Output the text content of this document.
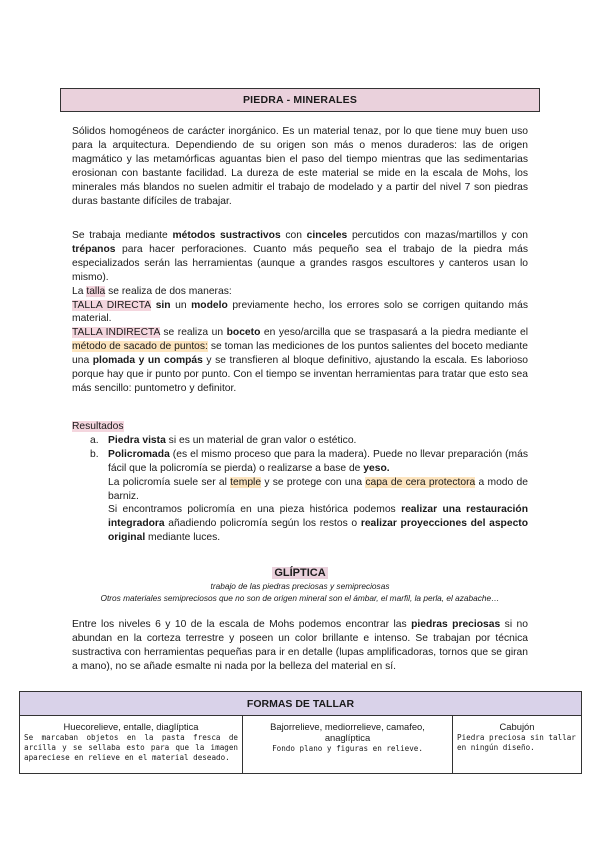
PIEDRA - MINERALES

Sólidos homogéneos de carácter inorgánico. Es un material tenaz, por lo que tiene muy buen uso para la arquitectura. Dependiendo de su origen son más o menos duraderos: las de origen magmático y las metamórficas aguantas bien el paso del tiempo mientras que las sedimentarias erosionan con bastante facilidad. La dureza de este material se mide en la escala de Mohs, los minerales más blandos no suelen admitir el trabajo de modelado y a partir del nivel 7 son piedras duras bastante difíciles de trabajar.

Se trabaja mediante métodos sustractivos con cinceles percutidos con mazas/martillos y con trépanos para hacer perforaciones. Cuanto más pequeño sea el trabajo de la piedra más especializados serán las herramientas (aunque a grandes rasgos escultores y canteros usan lo mismo).

La talla se realiza de dos maneras:

TALLA DIRECTA sin un modelo previamente hecho, los errores solo se corrigen quitando más material.

TALLA INDIRECTA se realiza un boceto en yeso/arcilla que se traspasará a la piedra mediante el método de sacado de puntos: se toman las mediciones de los puntos salientes del boceto mediante una plomada y un compás y se transfieren al bloque definitivo, ajustando la escala. Es laborioso porque hay que ir punto por punto. Con el tiempo se inventan herramientas para tratar que esto sea más sencillo: puntometro y definitor.

Resultados

a. Piedra vista si es un material de gran valor o estético.
b. Policromada (es el mismo proceso que para la madera). Puede no llevar preparación (más fácil que la policromía se pierda) o realizarse a base de yeso.

La policromía suele ser al temple y se protege con una capa de cera protectora a modo de barniz.

Si encontramos policromía en una pieza histórica podemos realizar una restauración integradora añadiendo policromía según los restos o realizar proyecciones del aspecto original mediante luces.

GLÍPTICA
trabajo de las piedras preciosas y semipreciosas
Otros materiales semipreciosos que no son de origen mineral son el ámbar, el marfil, la perla, el azabache…

Entre los niveles 6 y 10 de la escala de Mohs podemos encontrar las piedras preciosas si no abundan en la corteza terrestre y poseen un color brillante e intenso. Se trabajan por técnica sustractiva con herramientas pequeñas para ir en detalle (lupas amplificadoras, tornos que se giran a mano), no se añade esmalte ni nada por la belleza del material en sí.

FORMAS DE TALLAR
Huecorelieve, entalle, diaglíptica
Se marcaban objetos en la pasta fresca de arcilla y se sellaba esto para que la imagen apareciese en relieve en el material deseado.
Bajorrelieve, mediorrelieve, camafeo, anaglíptica
Fondo plano y figuras en relieve.
Cabujón
Piedra preciosa sin tallar en ningún diseño.
